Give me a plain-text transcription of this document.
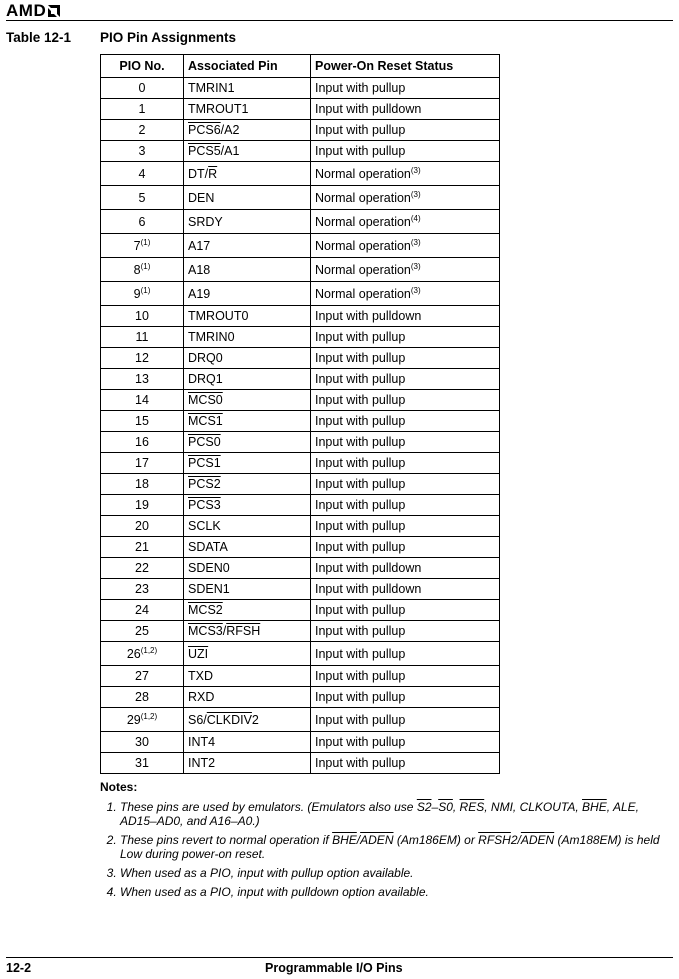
AMD
Table 12-1 PIO Pin Assignments
PIO No.	Associated Pin	Power-On Reset Status
0	TMRIN1	Input with pullup
1	TMROUT1	Input with pulldown
2	PCS6/A2	Input with pullup
3	PCS5/A1	Input with pullup
4	$DT/\overline{R}$	Normal operation$^{(3)}$
5	DEN	Normal operation$^{(3)}$
6	SRDY	Normal operation$^{(4)}$
7$^{(1)}$	A17	Normal operation$^{(3)}$
8$^{(1)}$	A18	Normal operation$^{(3)}$
9$^{(1)}$	A19	Normal operation$^{(3)}$
10	TMROUT0	Input with pulldown
11	TMRIN0	Input with pullup
12	DRQ0	Input with pullup
13	DRQ1	Input with pullup
14	MCS0	Input with pullup
15	MCS1	Input with pullup
16	PCS0	Input with pullup
17	PCS1	Input with pullup
18	PCS2	Input with pullup
19	PCS3	Input with pullup
20	SCLK	Input with pullup
21	SDATA	Input with pullup
22	SDEN0	Input with pulldown
23	SDEN1	Input with pulldown
24	MCS2	Input with pullup
25	MCS3/RFSH	Input with pullup
26$^{(1,2)}$	$\overline{UZI}$	Input with pullup
27	TXD	Input with pullup
28	RXD	Input with pullup
29$^{(1,2)}$	S6/CLKDIV2	Input with pullup
30	INT4	Input with pullup
31	INT2	Input with pullup
Notes:
1. These pins are used by emulators. (Emulators also use S2–S0, $\overline{RES}$, NMI, CLKOUTA, $\overline{BHE}$, ALE, AD15–AD0, and A16–A0.)
2. These pins revert to normal operation if $\overline{BHE}$/ADEN (Am186EM) or RFSH2/ADEN (Am188EM) is held Low during power-on reset.
3. When used as a PIO, input with pullup option available.
4. When used as a PIO, input with pulldown option available.
12-2	Programmable I/O Pins
